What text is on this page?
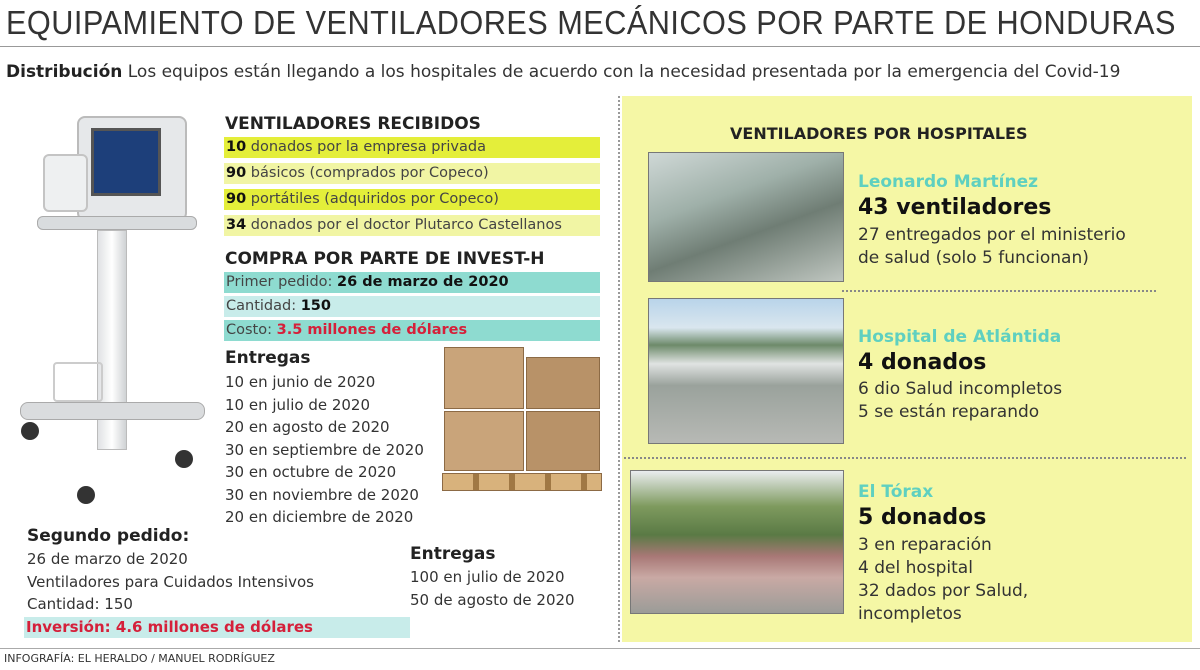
EQUIPAMIENTO DE VENTILADORES MECÁNICOS POR PARTE DE HONDURAS
Distribución Los equipos están llegando a los hospitales de acuerdo con la necesidad presentada por la emergencia del Covid-19
VENTILADORES RECIBIDOS
10 donados por la empresa privada
90 básicos (comprados por Copeco)
90 portátiles (adquiridos por Copeco)
34 donados por el doctor Plutarco Castellanos
COMPRA POR PARTE DE INVEST-H
Primer pedido: 26 de marzo de 2020
Cantidad: 150
Costo: 3.5 millones de dólares
Entregas
10 en junio de 2020
10 en julio de 2020
20 en agosto de 2020
30 en septiembre de 2020
30 en octubre de 2020
30 en noviembre de 2020
20 en diciembre de 2020
Segundo pedido:
26 de marzo de 2020
Ventiladores para Cuidados Intensivos
Cantidad: 150
Inversión: 4.6 millones de dólares
Entregas
100 en julio de 2020
50 de agosto de 2020
VENTILADORES POR HOSPITALES
Leonardo Martínez
43 ventiladores
27 entregados por el ministerio
de salud (solo 5 funcionan)
Hospital de Atlántida
4 donados
6 dio Salud incompletos
5 se están reparando
El Tórax
5 donados
3 en reparación
4 del hospital
32 dados por Salud,
incompletos
INFOGRAFÍA: EL HERALDO / MANUEL RODRÍGUEZ
